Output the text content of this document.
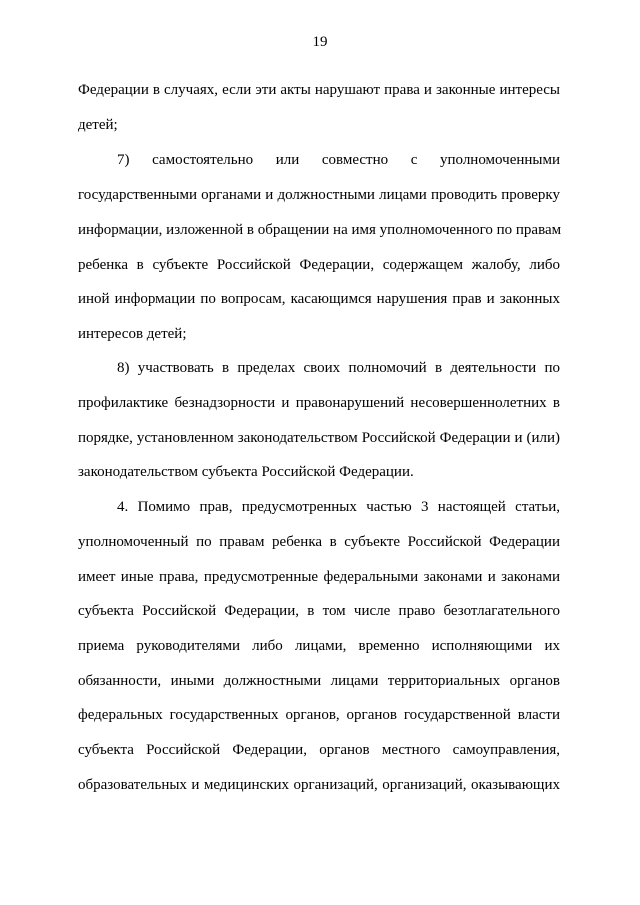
19
Федерации в случаях, если эти акты нарушают права и законные интересы
детей;
7) самостоятельно или совместно с уполномоченными
государственными органами и должностными лицами проводить проверку
информации, изложенной в обращении на имя уполномоченного по правам
ребенка в субъекте Российской Федерации, содержащем жалобу, либо
иной информации по вопросам, касающимся нарушения прав и законных
интересов детей;
8) участвовать в пределах своих полномочий в деятельности по
профилактике безнадзорности и правонарушений несовершеннолетних в
порядке, установленном законодательством Российской Федерации и (или)
законодательством субъекта Российской Федерации.
4. Помимо прав, предусмотренных частью 3 настоящей статьи,
уполномоченный по правам ребенка в субъекте Российской Федерации
имеет иные права, предусмотренные федеральными законами и законами
субъекта Российской Федерации, в том числе право безотлагательного
приема руководителями либо лицами, временно исполняющими их
обязанности, иными должностными лицами территориальных органов
федеральных государственных органов, органов государственной власти
субъекта Российской Федерации, органов местного самоуправления,
образовательных и медицинских организаций, организаций, оказывающих
